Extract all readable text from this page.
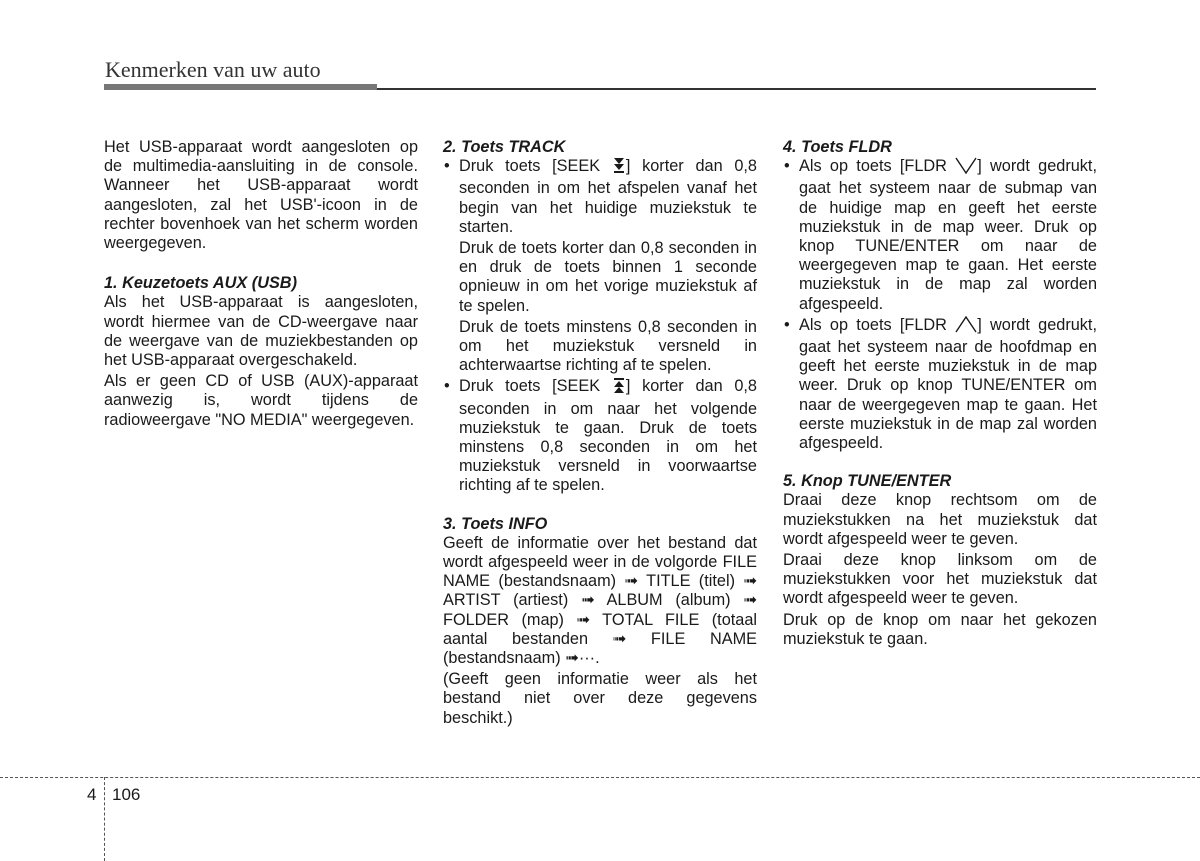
Kenmerken van uw auto

Het USB-apparaat wordt aangesloten op de multimedia-aansluiting in de console. Wanneer het USB-apparaat wordt aangesloten, zal het USB'-icoon in de rechter bovenhoek van het scherm worden weergegeven.

1. Keuzetoets AUX (USB)

Als het USB-apparaat is aangesloten, wordt hiermee van de CD-weergave naar de weergave van de muziekbestanden op het USB-apparaat overgeschakeld.

Als er geen CD of USB (AUX)-apparaat aanwezig is, wordt tijdens de radioweergave "NO MEDIA" weergegeven.

2. Toets TRACK

• Druk toets [SEEK ] korter dan 0,8 seconden in om het afspelen vanaf het begin van het huidige muziekstuk te starten.

Druk de toets korter dan 0,8 seconden in en druk de toets binnen 1 seconde opnieuw in om het vorige muziekstuk af te spelen.

Druk de toets minstens 0,8 seconden in om het muziekstuk versneld in achterwaartse richting af te spelen.

• Druk toets [SEEK ] korter dan 0,8 seconden in om naar het volgende muziekstuk te gaan. Druk de toets minstens 0,8 seconden in om het muziekstuk versneld in voorwaartse richting af te spelen.

3. Toets INFO

Geeft de informatie over het bestand dat wordt afgespeeld weer in de volgorde FILE NAME (bestandsnaam) ➟ TITLE (titel) ➟ ARTIST (artiest) ➟ ALBUM (album) ➟ FOLDER (map) ➟ TOTAL FILE (totaal aantal bestanden ➟ FILE NAME (bestandsnaam) ➟···.

(Geeft geen informatie weer als het bestand niet over deze gegevens beschikt.)

4. Toets FLDR

• Als op toets [FLDR ] wordt gedrukt, gaat het systeem naar de submap van de huidige map en geeft het eerste muziekstuk in de map weer. Druk op knop TUNE/ENTER om naar de weergegeven map te gaan. Het eerste muziekstuk in de map zal worden afgespeeld.
• Als op toets [FLDR ] wordt gedrukt, gaat het systeem naar de hoofdmap en geeft het eerste muziekstuk in de map weer. Druk op knop TUNE/ENTER om naar de weergegeven map te gaan. Het eerste muziekstuk in de map zal worden afgespeeld.

5. Knop TUNE/ENTER

Draai deze knop rechtsom om de muziekstukken na het muziekstuk dat wordt afgespeeld weer te geven.

Draai deze knop linksom om de muziekstukken voor het muziekstuk dat wordt afgespeeld weer te geven.

Druk op de knop om naar het gekozen muziekstuk te gaan.

4 106
